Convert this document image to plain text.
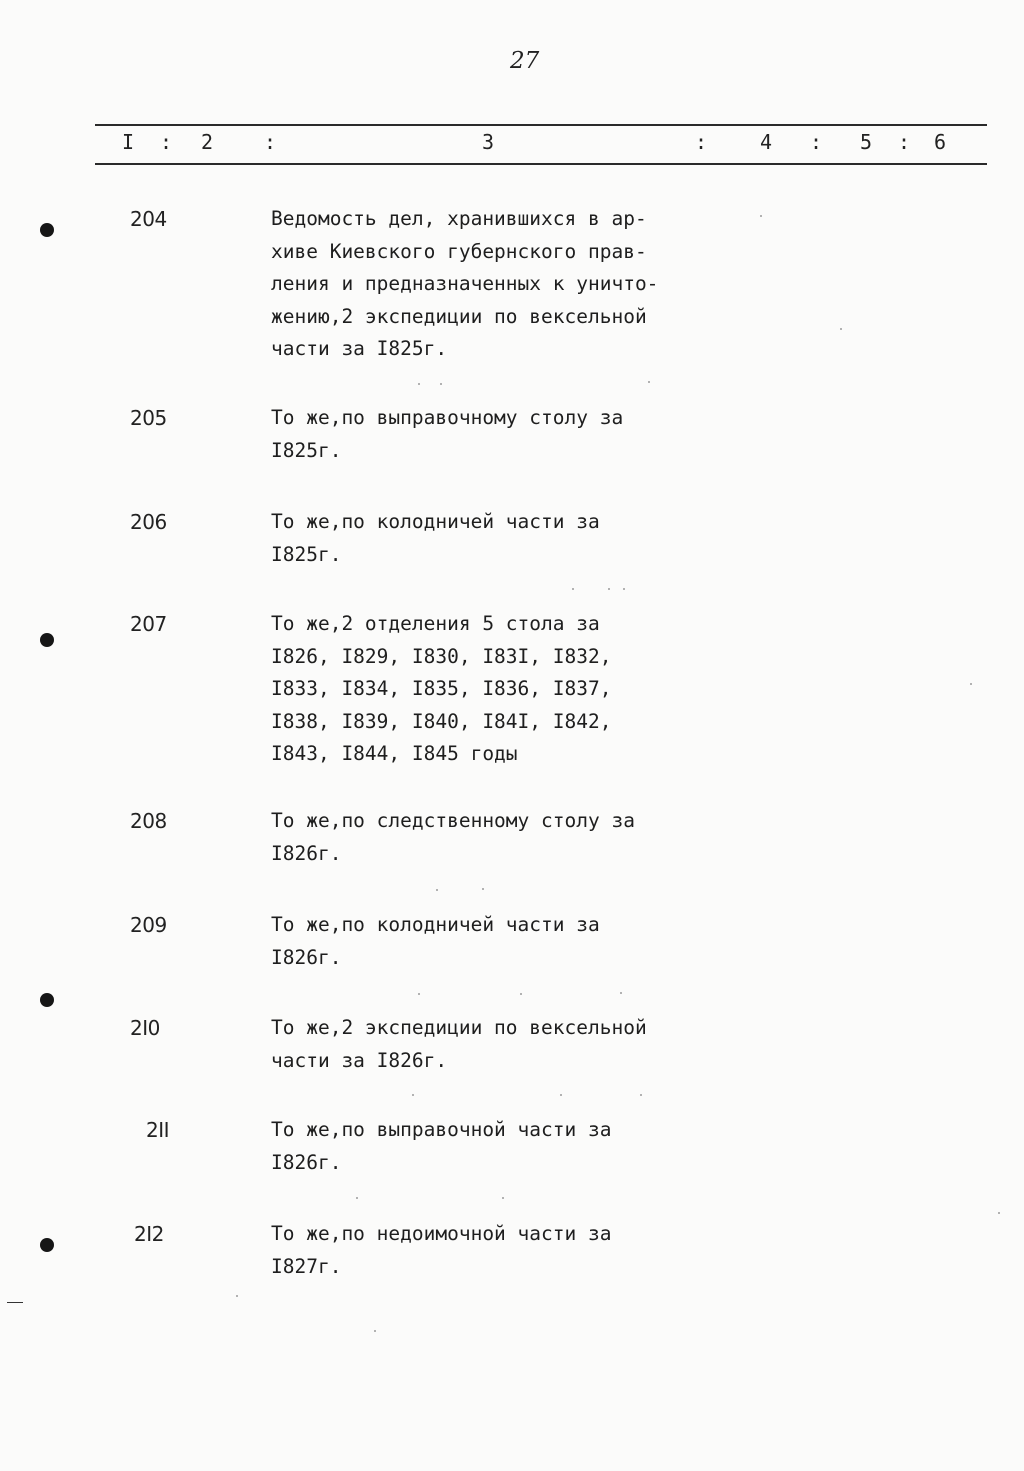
27
I : 2	:	3	:	4 : 5 : 6
204	Ведомость дел, хранившихся в ар-
хиве Киевского губернского прав-
ления и предназначенных к уничто-
жению,2 экспедиции по вексельной
части за I825г.
205	То же,по выправочному столу за
I825г.
206	То же,по колодничей части за
I825г.
207	То же,2 отделения 5 стола за
I826, I829, I830, I83I, I832,
I833, I834, I835, I836, I837,
I838, I839, I840, I84I, I842,
I843, I844, I845 годы
208	То же,по следственному столу за
I826г.
209	То же,по колодничей части за
I826г.
2I0	То же,2 экспедиции по вексельной
части за I826г.
2II	То же,по выправочной части за
I826г.
2I2	То же,по недоимочной части за
I827г.
